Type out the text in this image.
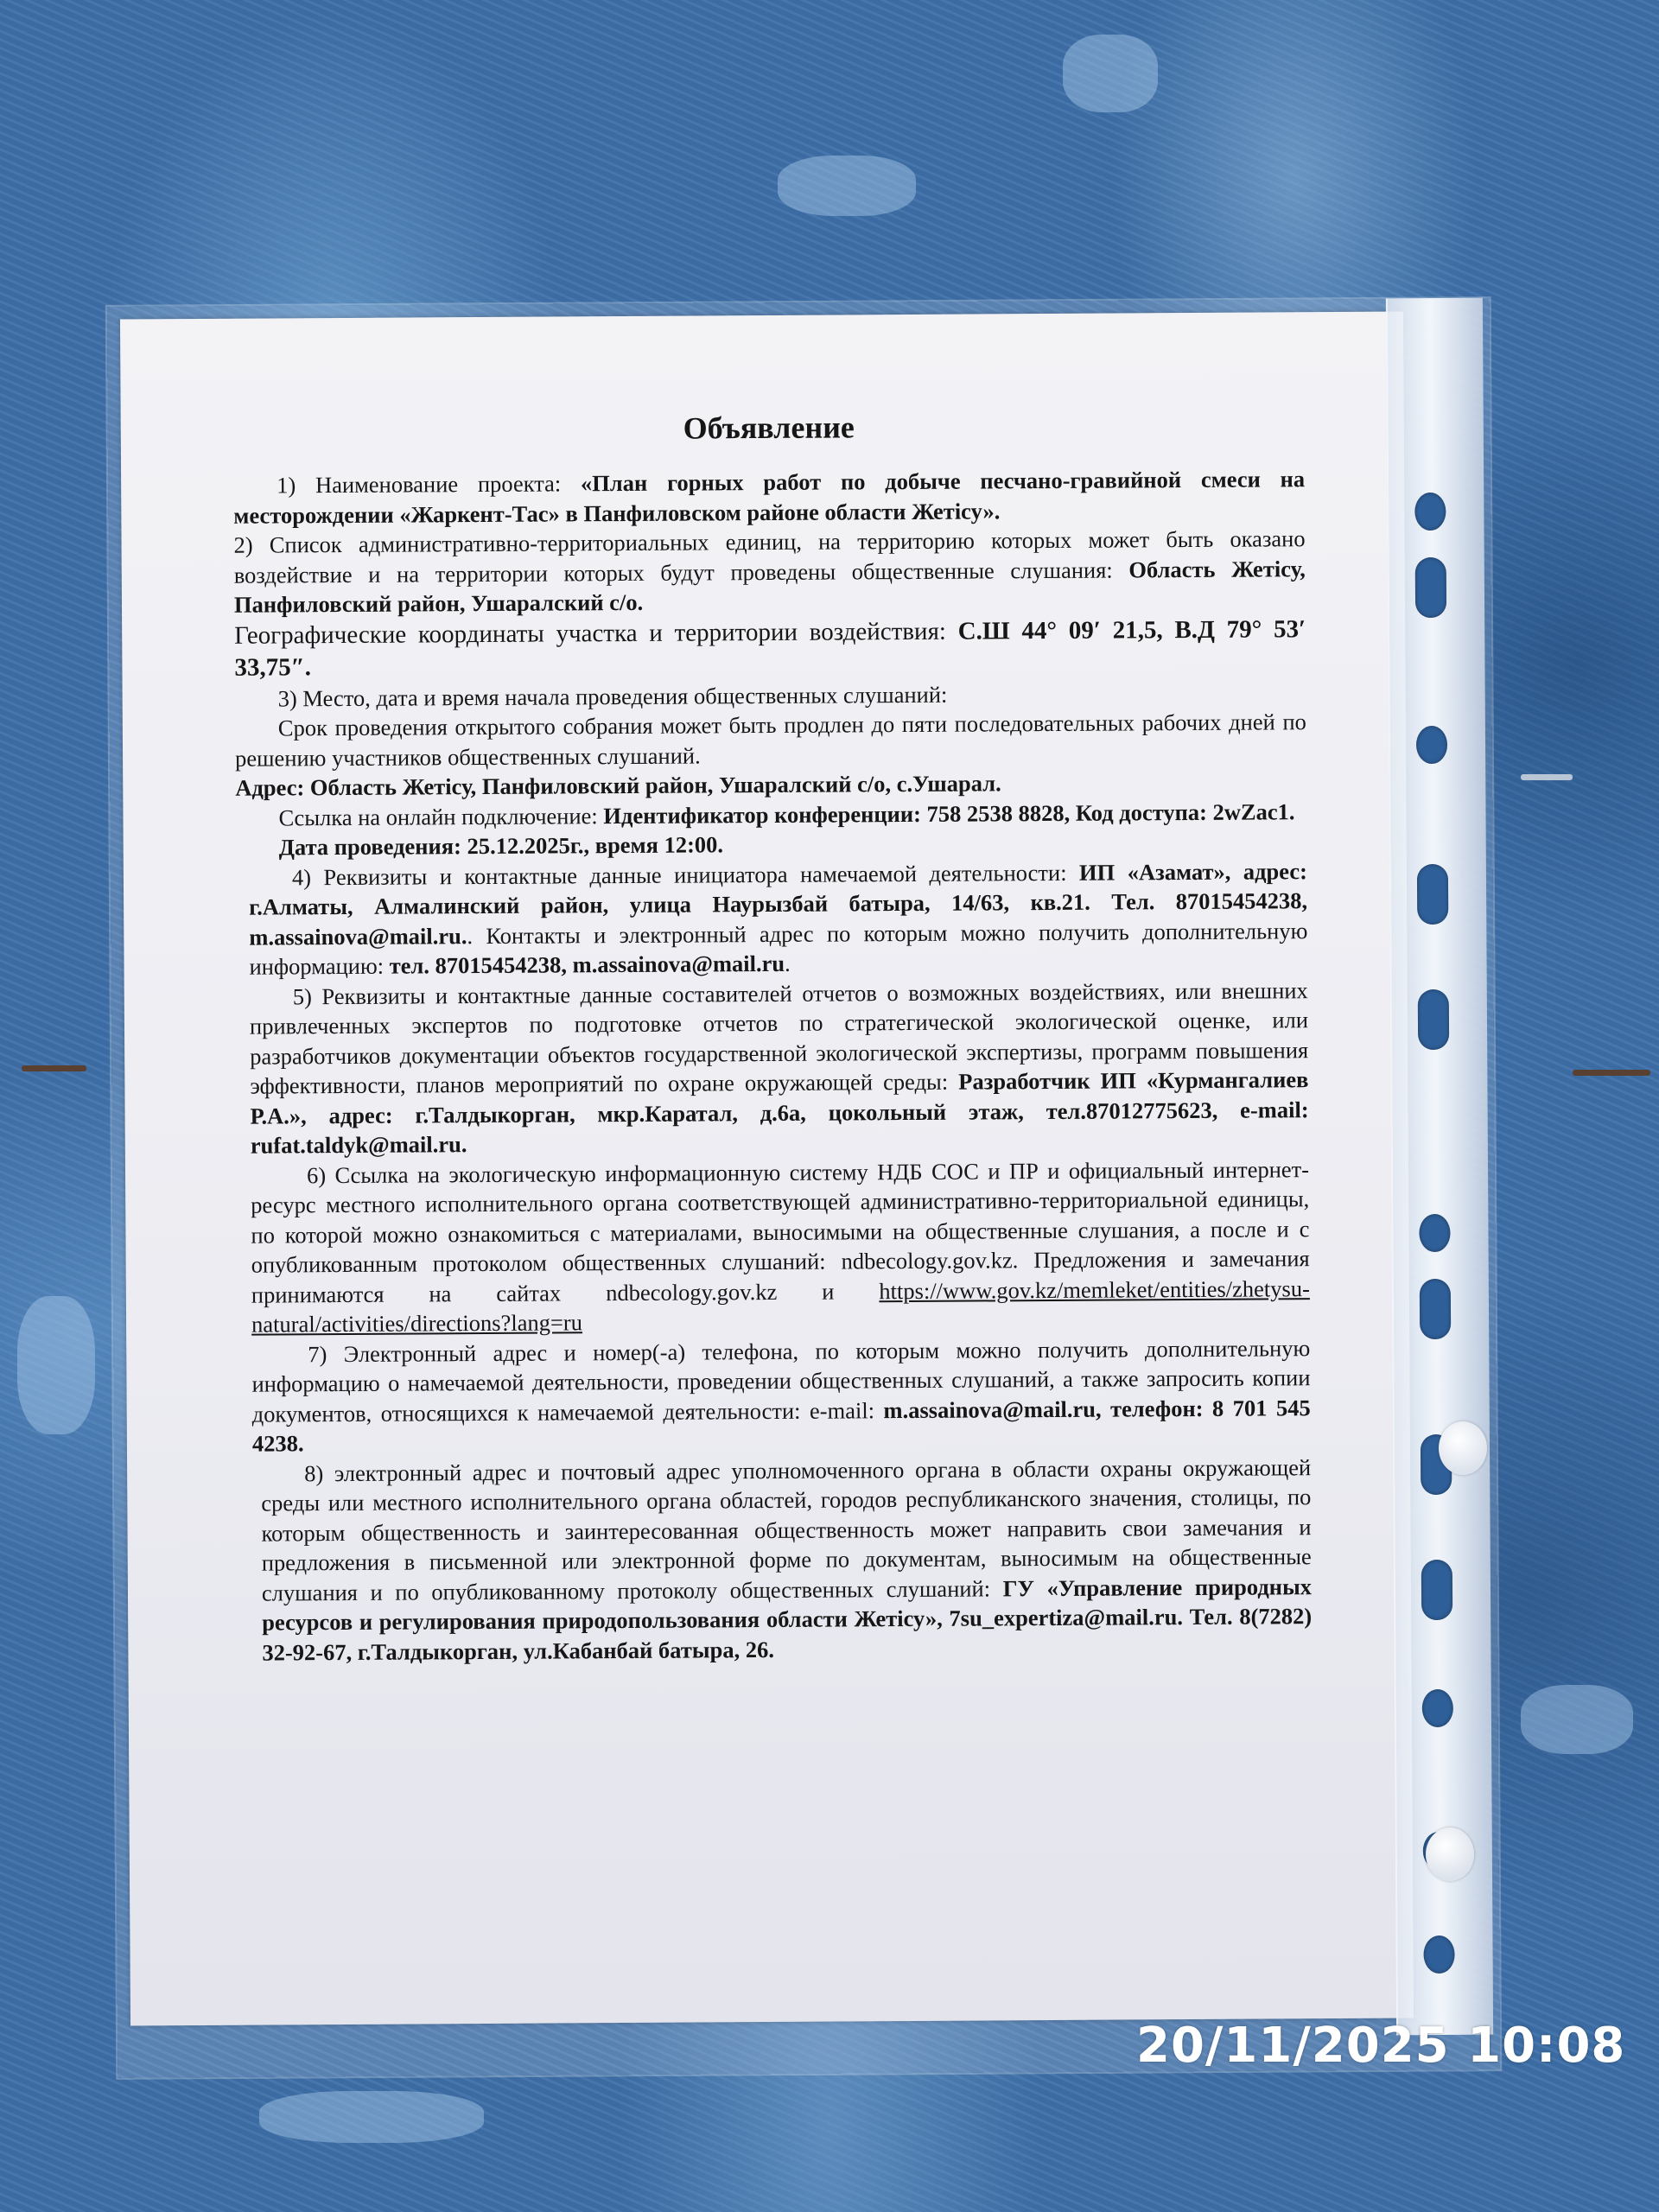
Объявление

1) Наименование проекта: «План горных работ по добыче песчано-гравийной смеси на месторождении «Жаркент-Тас» в Панфиловском районе области Жетісу».

2) Список административно-территориальных единиц, на территорию которых может быть оказано воздействие и на территории которых будут проведены общественные слушания: Область Жетісу, Панфиловский район, Ушаралский с/о.

Географические координаты участка и территории воздействия: С.Ш 44° 09′ 21,5, В.Д 79° 53′ 33,75″.

3) Место, дата и время начала проведения общественных слушаний:

Срок проведения открытого собрания может быть продлен до пяти последовательных рабочих дней по решению участников общественных слушаний.

Адрес: Область Жетісу, Панфиловский район, Ушаралский с/о, с.Ушарал.

Ссылка на онлайн подключение: Идентификатор конференции: 758 2538 8828, Код доступа: 2wZac1.

Дата проведения: 25.12.2025г., время 12:00.

4) Реквизиты и контактные данные инициатора намечаемой деятельности: ИП «Азамат», адрес: г.Алматы, Алмалинский район, улица Наурызбай батыра, 14/63, кв.21. Тел. 87015454238, m.assainova@mail.ru.. Контакты и электронный адрес по которым можно получить дополнительную информацию: тел. 87015454238, m.assainova@mail.ru.

5) Реквизиты и контактные данные составителей отчетов о возможных воздействиях, или внешних привлеченных экспертов по подготовке отчетов по стратегической экологической оценке, или разработчиков документации объектов государственной экологической экспертизы, программ повышения эффективности, планов мероприятий по охране окружающей среды: Разработчик ИП «Курмангалиев Р.А.», адрес: г.Талдыкорган, мкр.Каратал, д.6а, цокольный этаж, тел.87012775623, e-mail: rufat.taldyk@mail.ru.

6) Ссылка на экологическую информационную систему НДБ СОС и ПР и официальный интернет-ресурс местного исполнительного органа соответствующей административно-территориальной единицы, по которой можно ознакомиться с материалами, выносимыми на общественные слушания, а после и с опубликованным протоколом общественных слушаний: ndbecology.gov.kz. Предложения и замечания принимаются на сайтах ndbecology.gov.kz и https://www.gov.kz/memleket/entities/zhetysu-natural/activities/directions?lang=ru

7) Электронный адрес и номер(-а) телефона, по которым можно получить дополнительную информацию о намечаемой деятельности, проведении общественных слушаний, а также запросить копии документов, относящихся к намечаемой деятельности: e-mail: m.assainova@mail.ru, телефон: 8 701 545 4238.

8) электронный адрес и почтовый адрес уполномоченного органа в области охраны окружающей среды или местного исполнительного органа областей, городов республиканского значения, столицы, по которым общественность и заинтересованная общественность может направить свои замечания и предложения в письменной или электронной форме по документам, выносимым на общественные слушания и по опубликованному протоколу общественных слушаний: ГУ «Управление природных ресурсов и регулирования природопользования области Жетісу», 7su_expertiza@mail.ru. Тел. 8(7282) 32-92-67, г.Талдыкорган, ул.Кабанбай батыра, 26.

20/11/2025 10:08
